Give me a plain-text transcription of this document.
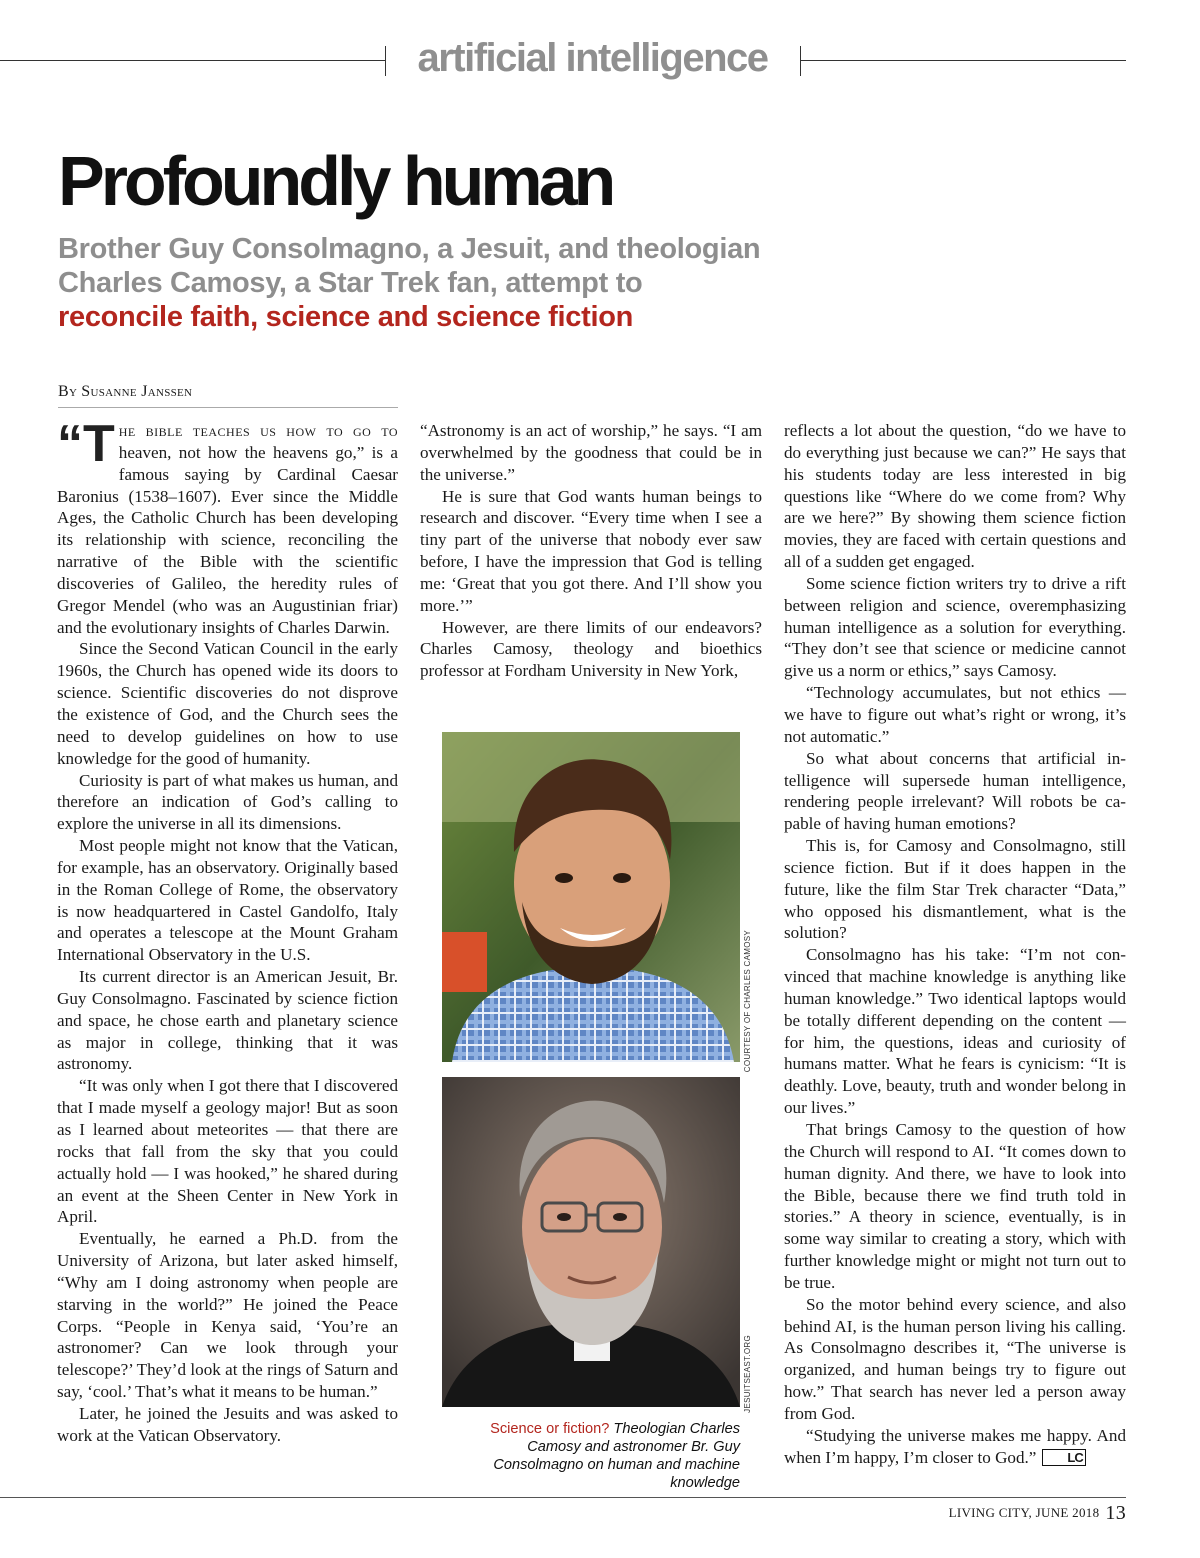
artificial intelligence
Profoundly human
Brother Guy Consolmagno, a Jesuit, and theologian
Charles Camosy, a Star Trek fan, attempt to
reconcile faith, science and science fiction
By Susanne Janssen

“T he bible teaches us how to go to heaven, not how the heavens go,” is a famous saying by Cardinal Caesar Baronius (1538–1607). Ever since the Middle Ages, the Catholic Church has been developing its relationship with science, reconciling the narrative of the Bible with the scientific discoveries of Galileo, the heredity rules of Gregor Mendel (who was an Augustinian friar) and the evolutionary insights of Charles Darwin.

Since the Second Vatican Council in the early 1960s, the Church has opened wide its doors to science. Scientific discoveries do not disprove the existence of God, and the Church sees the need to develop guidelines on how to use knowledge for the good of humanity.

Curiosity is part of what makes us human, and therefore an indication of God’s calling to explore the universe in all its dimensions.

Most people might not know that the Vatican, for example, has an observatory. Originally based in the Roman College of Rome, the observatory is now headquartered in Castel Gandolfo, Italy and operates a telescope at the Mount Graham International Observatory in the U.S.

Its current director is an American Jesuit, Br. Guy Consolmagno. Fascinated by science fiction and space, he chose earth and planetary science as major in college, thinking that it was astronomy.

“It was only when I got there that I discovered that I made myself a geology major! But as soon as I learned about meteorites — that there are rocks that fall from the sky that you could actually hold — I was hooked,” he shared during an event at the Sheen Center in New York in April.

Eventually, he earned a Ph.D. from the University of Arizona, but later asked himself, “Why am I doing astronomy when people are starving in the world?” He joined the Peace Corps. “People in Kenya said, ‘You’re an astronomer? Can we look through your telescope?’ They’d look at the rings of Saturn and say, ‘cool.’ That’s what it means to be human.”

Later, he joined the Jesuits and was asked to work at the Vatican Observatory.

“Astronomy is an act of worship,” he says. “I am overwhelmed by the goodness that could be in the universe.”

He is sure that God wants human beings to research and discover. “Every time when I see a tiny part of the universe that nobody ever saw before, I have the impression that God is telling me: ‘Great that you got there. And I’ll show you more.’”

However, are there limits of our endeavors? Charles Camosy, theology and bioethics professor at Fordham University in New York,

COURTESY OF CHARLES CAMOSY
JESUITSEAST.ORG
Science or fiction? Theologian Charles Camosy and astronomer Br. Guy Consolmagno on human and machine knowledge

reflects a lot about the question, “do we have to do everything just because we can?” He says that his students today are less interested in big questions like “Where do we come from? Why are we here?” By showing them science fiction movies, they are faced with certain questions and all of a sudden get engaged.

Some science fiction writers try to drive a rift between religion and science, overemphasizing human intelligence as a solution for everything. “They don’t see that science or medicine cannot give us a norm or ethics,” says Camosy.

“Technology accumulates, but not ethics — we have to figure out what’s right or wrong, it’s not automatic.”

So what about concerns that artificial intelligence will supersede human intelligence, rendering people irrelevant? Will robots be capable of having human emotions?

This is, for Camosy and Consolmagno, still science fiction. But if it does happen in the future, like the film Star Trek character “Data,” who opposed his dismantlement, what is the solution?

Consolmagno has his take: “I’m not convinced that machine knowledge is anything like human knowledge.” Two identical laptops would be totally different depending on the content — for him, the questions, ideas and curiosity of humans matter. What he fears is cynicism: “It is deathly. Love, beauty, truth and wonder belong in our lives.”

That brings Camosy to the question of how the Church will respond to AI. “It comes down to human dignity. And there, we have to look into the Bible, because there we find truth told in stories.” A theory in science, eventually, is in some way similar to creating a story, which with further knowledge might or might not turn out to be true.

So the motor behind every science, and also behind AI, is the human person living his calling. As Consolmagno describes it, “The universe is organized, and human beings try to figure out how.” That search has never led a person away from God.

“Studying the universe makes me happy. And when I’m happy, I’m closer to God.” LC

LIVING CITY, JUNE 2018 13
